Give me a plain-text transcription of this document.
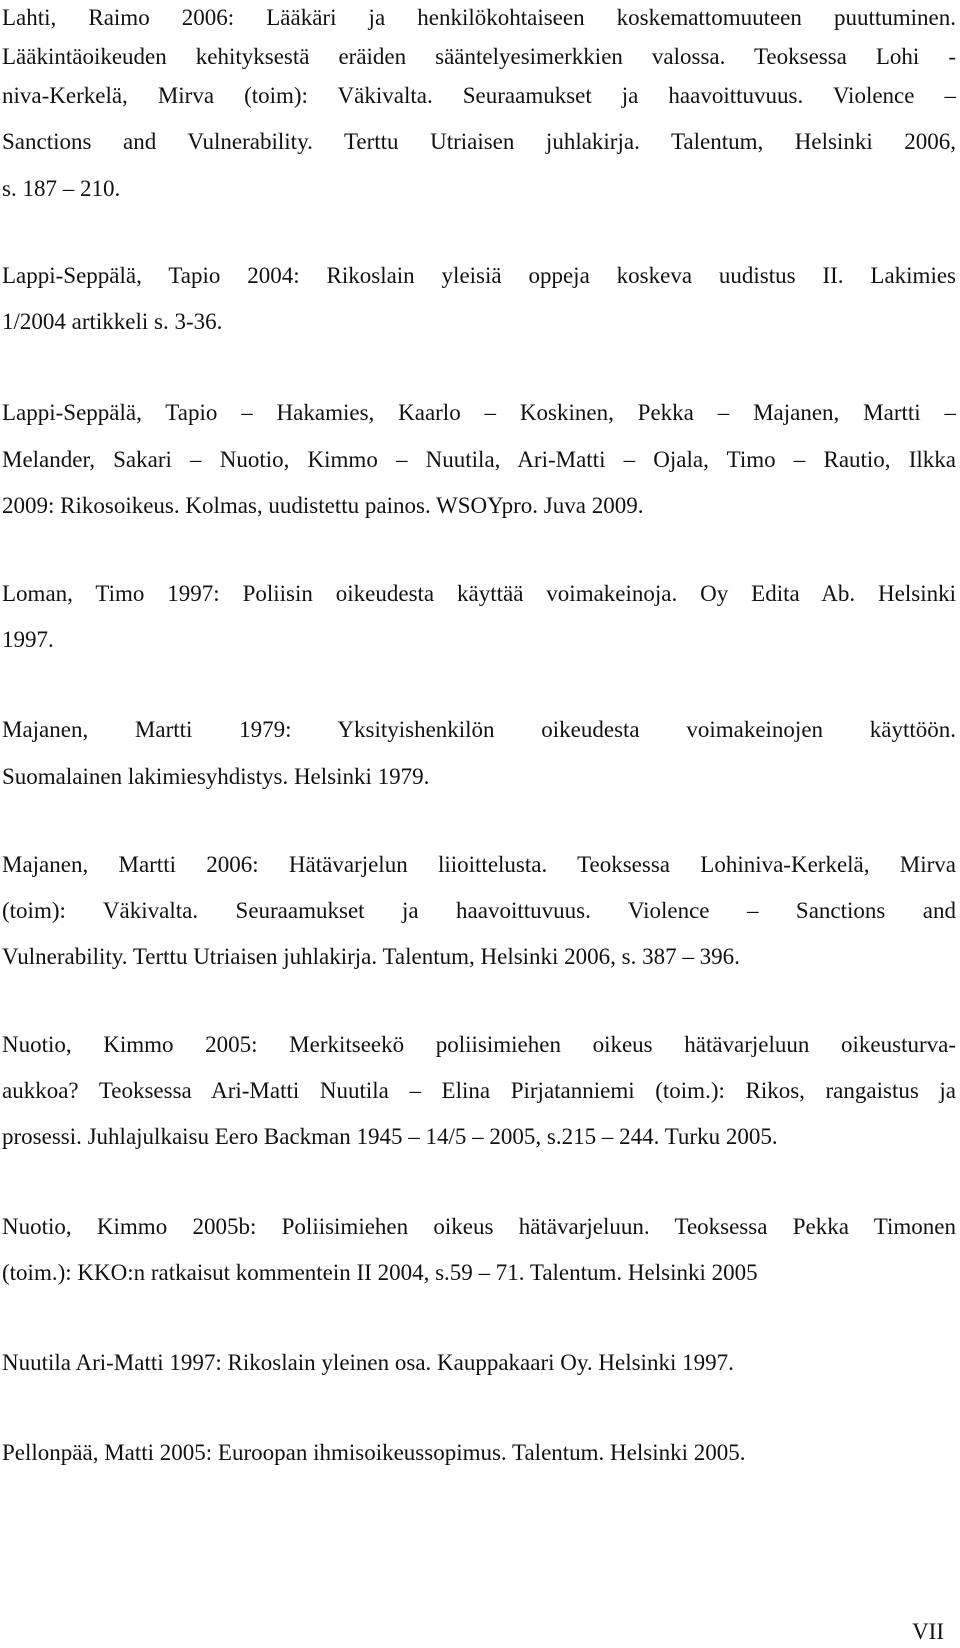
Lahti, Raimo 2006: Lääkäri ja henkilökohtaiseen koskemattomuuteen puuttuminen.
Lääkintäoikeuden kehityksestä eräiden sääntelyesimerkkien valossa. Teoksessa Lohi -
niva-Kerkelä, Mirva (toim): Väkivalta. Seuraamukset ja haavoittuvuus. Violence –
Sanctions and Vulnerability. Terttu Utriaisen juhlakirja. Talentum, Helsinki 2006,
s. 187 – 210.
Lappi-Seppälä, Tapio 2004: Rikoslain yleisiä oppeja koskeva uudistus II. Lakimies
1/2004 artikkeli s. 3-36.
Lappi-Seppälä, Tapio – Hakamies, Kaarlo – Koskinen, Pekka – Majanen, Martti –
Melander, Sakari – Nuotio, Kimmo – Nuutila, Ari-Matti – Ojala, Timo – Rautio, Ilkka
2009: Rikosoikeus. Kolmas, uudistettu painos. WSOYpro. Juva 2009.
Loman, Timo 1997: Poliisin oikeudesta käyttää voimakeinoja. Oy Edita Ab. Helsinki
1997.
Majanen, Martti 1979: Yksityishenkilön oikeudesta voimakeinojen käyttöön.
Suomalainen lakimiesyhdistys. Helsinki 1979.
Majanen, Martti 2006: Hätävarjelun liioittelusta. Teoksessa Lohiniva-Kerkelä, Mirva
(toim): Väkivalta. Seuraamukset ja haavoittuvuus. Violence – Sanctions and
Vulnerability. Terttu Utriaisen juhlakirja. Talentum, Helsinki 2006, s. 387 – 396.
Nuotio, Kimmo 2005: Merkitseekö poliisimiehen oikeus hätävarjeluun oikeusturva-
aukkoa? Teoksessa Ari-Matti Nuutila – Elina Pirjatanniemi (toim.): Rikos, rangaistus ja
prosessi. Juhlajulkaisu Eero Backman 1945 – 14/5 – 2005, s.215 – 244. Turku 2005.
Nuotio, Kimmo 2005b: Poliisimiehen oikeus hätävarjeluun. Teoksessa Pekka Timonen
(toim.): KKO:n ratkaisut kommentein II 2004, s.59 – 71. Talentum. Helsinki 2005
Nuutila Ari-Matti 1997: Rikoslain yleinen osa. Kauppakaari Oy. Helsinki 1997.
Pellonpää, Matti 2005: Euroopan ihmisoikeussopimus. Talentum. Helsinki 2005.
VII
